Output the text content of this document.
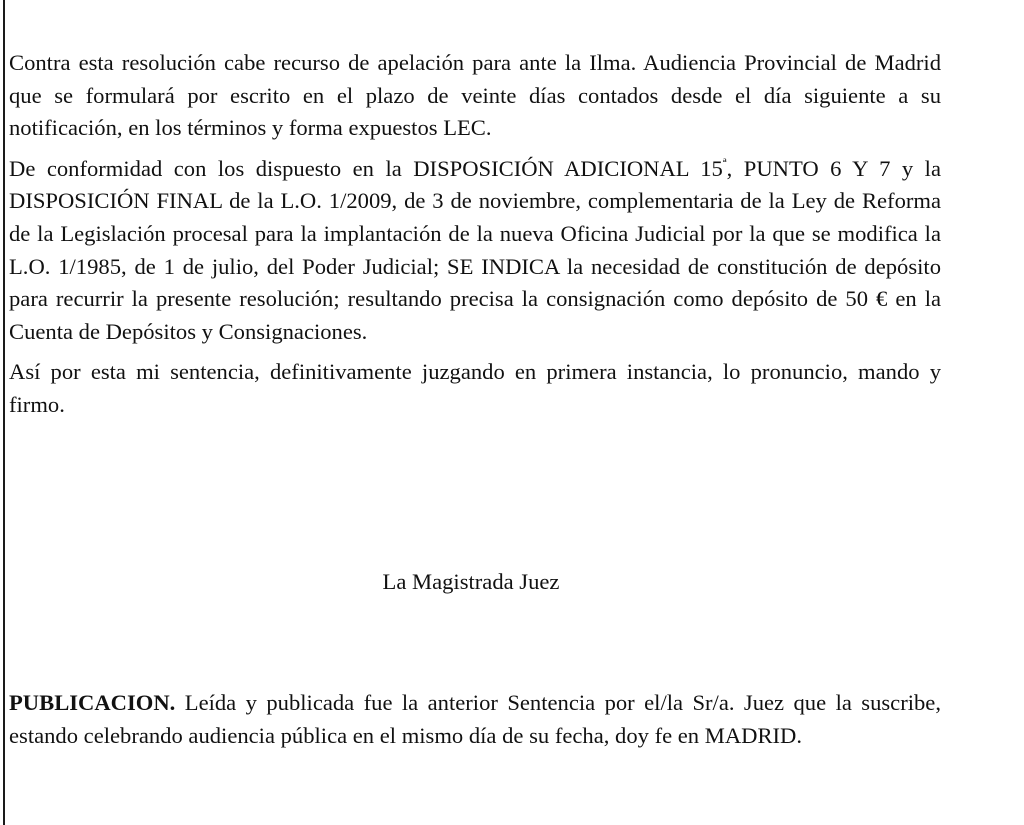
Contra esta resolución cabe recurso de apelación para ante la Ilma. Audiencia Provincial de Madrid que se formulará por escrito en el plazo de veinte días contados desde el día siguiente a su notificación, en los términos y forma expuestos LEC.

De conformidad con los dispuesto en la DISPOSICIÓN ADICIONAL $15^ª$, PUNTO 6 Y 7 y la DISPOSICIÓN FINAL de la L.O. 1/2009, de 3 de noviembre, complementaria de la Ley de Reforma de la Legislación procesal para la implantación de la nueva Oficina Judicial por la que se modifica la L.O. 1/1985, de 1 de julio, del Poder Judicial; SE INDICA la necesidad de constitución de depósito para recurrir la presente resolución; resultando precisa la consignación como depósito de 50 € en la Cuenta de Depósitos y Consignaciones.

Así por esta mi sentencia, definitivamente juzgando en primera instancia, lo pronuncio, mando y firmo.

La Magistrada Juez

PUBLICACION. Leída y publicada fue la anterior Sentencia por el/la Sr/a. Juez que la suscribe, estando celebrando audiencia pública en el mismo día de su fecha, doy fe en MADRID.
